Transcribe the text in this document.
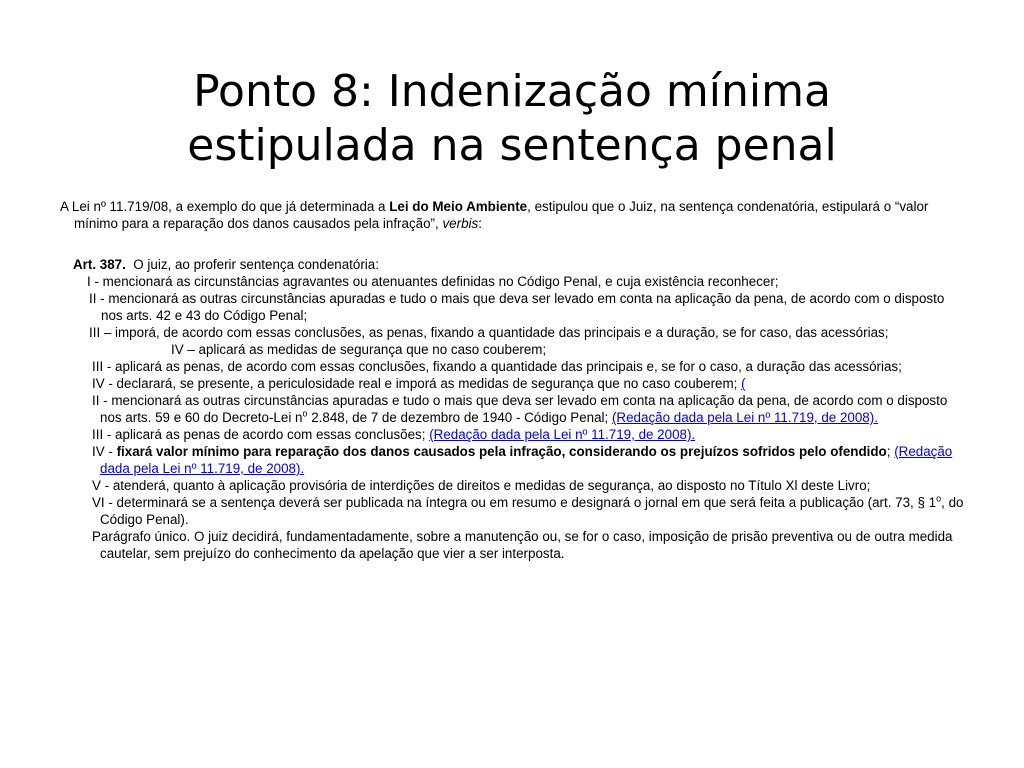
Ponto 8: Indenização mínima
estipulada na sentença penal

A Lei nº 11.719/08, a exemplo do que já determinada a Lei do Meio Ambiente, estipulou que o Juiz, na sentença condenatória, estipulará o “valor mínimo para a reparação dos danos causados pela infração”, verbis:

Art. 387. O juiz, ao proferir sentença condenatória:

I - mencionará as circunstâncias agravantes ou atenuantes definidas no Código Penal, e cuja existência reconhecer;

II - mencionará as outras circunstâncias apuradas e tudo o mais que deva ser levado em conta na aplicação da pena, de acordo com o disposto nos arts. 42 e 43 do Código Penal;

III – imporá, de acordo com essas conclusões, as penas, fixando a quantidade das principais e a duração, se for caso, das acessórias;
IV – aplicará as medidas de segurança que no caso couberem;

III - aplicará as penas, de acordo com essas conclusões, fixando a quantidade das principais e, se for o caso, a duração das acessórias;

IV - declarará, se presente, a periculosidade real e imporá as medidas de segurança que no caso couberem; (

II - mencionará as outras circunstâncias apuradas e tudo o mais que deva ser levado em conta na aplicação da pena, de acordo com o disposto nos arts. 59 e 60 do Decreto-Lei $n^o$ 2.848, de 7 de dezembro de 1940 - Código Penal; (Redação dada pela Lei nº 11.719, de 2008).

III - aplicará as penas de acordo com essas conclusões; (Redação dada pela Lei nº 11.719, de 2008).

IV - fixará valor mínimo para reparação dos danos causados pela infração, considerando os prejuízos sofridos pelo ofendido; (Redação dada pela Lei nº 11.719, de 2008).

V - atenderá, quanto à aplicação provisória de interdições de direitos e medidas de segurança, ao disposto no Título Xl deste Livro;

VI - determinará se a sentença deverá ser publicada na íntegra ou em resumo e designará o jornal em que será feita a publicação (art. 73, § 1$^o$, do Código Penal).

Parágrafo único. O juiz decidirá, fundamentadamente, sobre a manutenção ou, se for o caso, imposição de prisão preventiva ou de outra medida cautelar, sem prejuízo do conhecimento da apelação que vier a ser interposta.
